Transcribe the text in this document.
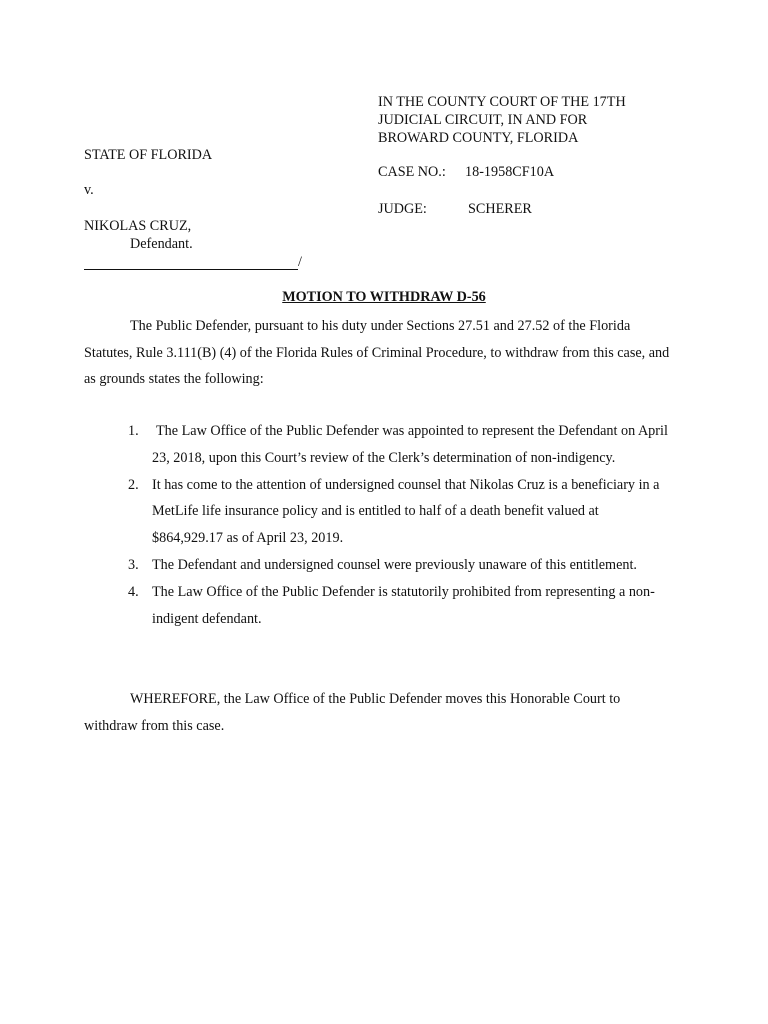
IN THE COUNTY COURT OF THE 17TH
JUDICIAL CIRCUIT, IN AND FOR
BROWARD COUNTY, FLORIDA
CASE NO.: 18-1958CF10A
JUDGE:	SCHERER
STATE OF FLORIDA
v.
NIKOLAS CRUZ,
Defendant.
/
MOTION TO WITHDRAW D-56
The Public Defender, pursuant to his duty under Sections 27.51 and 27.52 of the Florida Statutes, Rule 3.111(B) (4) of the Florida Rules of Criminal Procedure, to withdraw from this case, and as grounds states the following:
1. The Law Office of the Public Defender was appointed to represent the Defendant on April 23, 2018, upon this Court’s review of the Clerk’s determination of non-indigency.
2. It has come to the attention of undersigned counsel that Nikolas Cruz is a beneficiary in a MetLife life insurance policy and is entitled to half of a death benefit valued at $864,929.17 as of April 23, 2019.
3. The Defendant and undersigned counsel were previously unaware of this entitlement.
4. The Law Office of the Public Defender is statutorily prohibited from representing a non-indigent defendant.
WHEREFORE, the Law Office of the Public Defender moves this Honorable Court to withdraw from this case.
